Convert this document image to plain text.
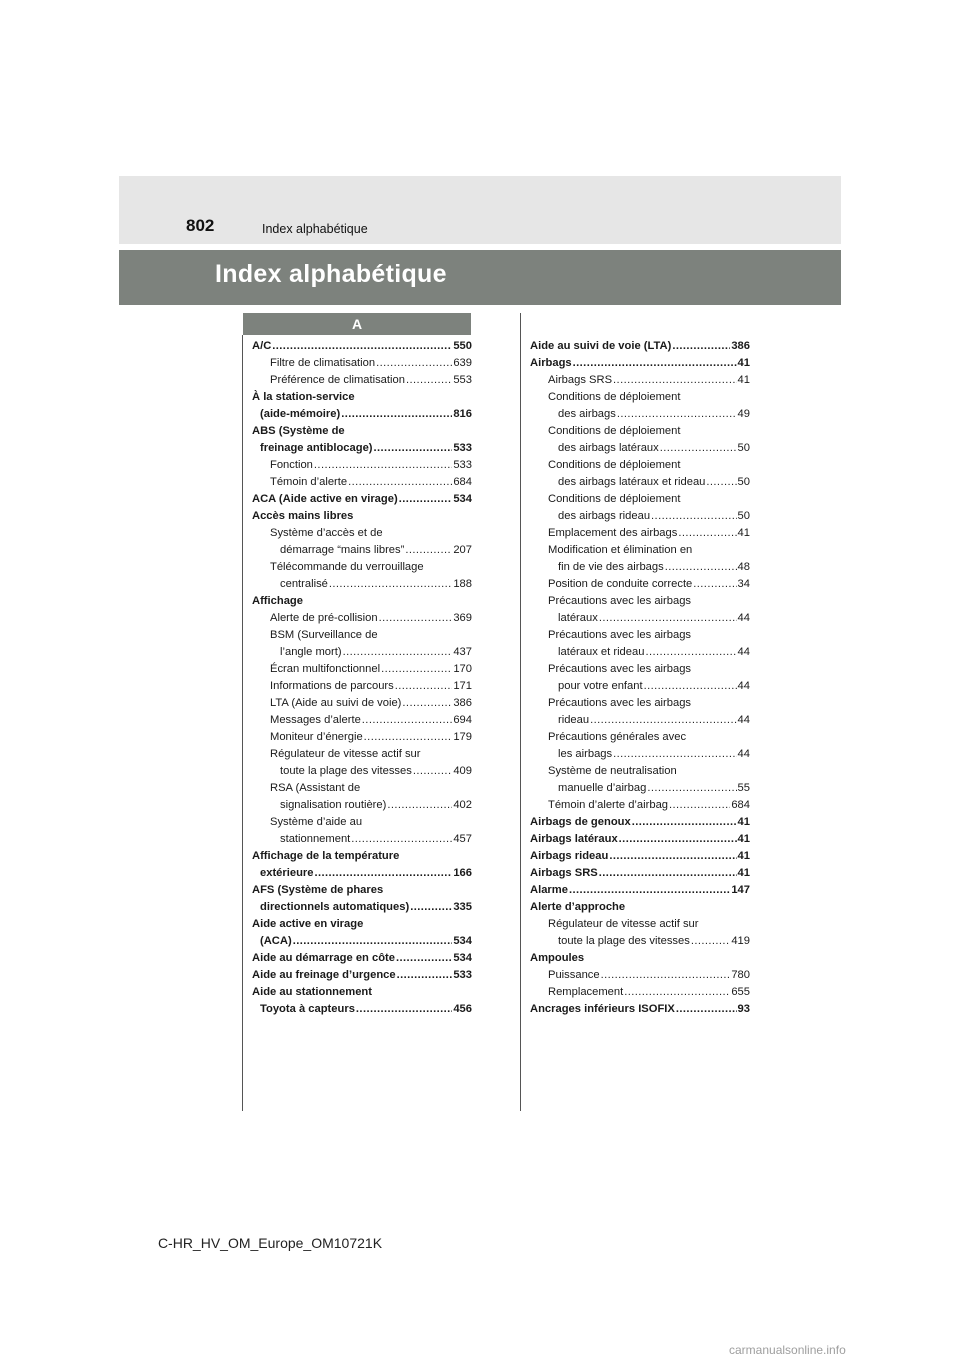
802	Index alphabétique
Index alphabétique
A
A/C .....	550
Filtre de climatisation .....	639
Préférence de climatisation .....	553
À la station-service
(aide-mémoire) .....	816
ABS (Système de
freinage antiblocage) .....	533
Fonction .....	533
Témoin d’alerte .....	684
ACA (Aide active en virage) .....	534
Accès mains libres
Système d’accès et de
démarrage “mains libres” .....	207
Télécommande du verrouillage
centralisé .....	188
Affichage
Alerte de pré-collision .....	369
BSM (Surveillance de
l’angle mort) .....	437
Écran multifonctionnel .....	170
Informations de parcours .....	171
LTA (Aide au suivi de voie) .....	386
Messages d’alerte .....	694
Moniteur d’énergie .....	179
Régulateur de vitesse actif sur
toute la plage des vitesses .....	409
RSA (Assistant de
signalisation routière) .....	402
Système d’aide au
stationnement .....	457
Affichage de la température
extérieure .....	166
AFS (Système de phares
directionnels automatiques) .....	335
Aide active en virage
(ACA) .....	534
Aide au démarrage en côte .....	534
Aide au freinage d’urgence .....	533
Aide au stationnement
Toyota à capteurs .....	456
Aide au suivi de voie (LTA) .....	386
Airbags .....	41
Airbags SRS .....	41
Conditions de déploiement
des airbags .....	49
Conditions de déploiement
des airbags latéraux .....	50
Conditions de déploiement
des airbags latéraux et rideau .....	50
Conditions de déploiement
des airbags rideau .....	50
Emplacement des airbags .....	41
Modification et élimination en
fin de vie des airbags .....	48
Position de conduite correcte .....	34
Précautions avec les airbags
latéraux .....	44
Précautions avec les airbags
latéraux et rideau .....	44
Précautions avec les airbags
pour votre enfant .....	44
Précautions avec les airbags
rideau .....	44
Précautions générales avec
les airbags .....	44
Système de neutralisation
manuelle d’airbag .....	55
Témoin d’alerte d’airbag .....	684
Airbags de genoux .....	41
Airbags latéraux .....	41
Airbags rideau .....	41
Airbags SRS .....	41
Alarme .....	147
Alerte d’approche
Régulateur de vitesse actif sur
toute la plage des vitesses .....	419
Ampoules
Puissance .....	780
Remplacement .....	655
Ancrages inférieurs ISOFIX .....	93
C-HR_HV_OM_Europe_OM10721K
carmanualsonline.info
